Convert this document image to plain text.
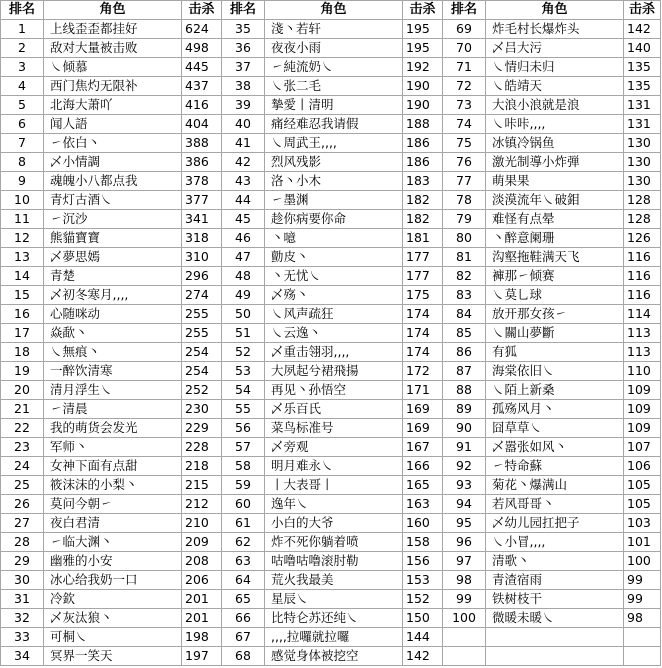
排名	角色	击杀	排名	角色	击杀	排名	角色	击杀
1	上线歪歪都挂好	624	35	淺丶若轩	195	69	炸毛村长爆炸头	142
2	敌对大量被击败	498	36	夜夜小雨	195	70	乄吕大污	140
3	㇏倾慕	445	37	㇀純流奶㇏	192	71	㇏情归未归	135
4	西门焦灼无限补	437	38	㇏张二毛	190	72	㇏皓靖天	135
5	北海大萧吖	416	39	摯愛丨清明	190	73	大浪小浪就是浪	131
6	闻人語	404	40	痛经难忍我请假	188	74	㇏咔咔,,,,	131
7	㇀依白丶	388	41	㇏周武王,,,,	186	75	冰镇冷锅鱼	130
8	乄小情調	386	42	烈风残影	186	76	激光制導小炸弾	130
9	魂魄小八都点我	378	43	洛丶小木	183	77	萌果果	130
10	青灯古酒㇏	377	44	㇀墨渊	182	78	淡漠流年㇏破鉬	128
11	㇀沉沙	341	45	趁你病要你命	182	79	难怪有点晕	128
12	熊貓寶寶	318	46	丶噫	181	80	丶醉意阑珊	126
13	乄夢思嫣	310	47	勯皮丶	177	81	沟壑拖鞋满天飞	116
14	青楚	296	48	丶无忧㇏	177	82	褲那㇀倾赛	116
15	乄初冬寒月,,,,	274	49	乄殇丶	175	83	㇏莫乚球	116
16	心随咪动	255	50	㇏风声疏狂	174	84	放开那女孩㇀	114
17	焱歃丶	255	51	㇏云逸丶	174	85	㇏關山夢斷	113
18	㇏無痕丶	254	52	乄重击翎羽,,,,	174	86	有狐	113
19	一醉饮清寒	254	53	大夙起兮裙飛揚	172	87	海棠依旧㇏	110
20	清月浮生㇏	252	54	再见丶孙悟空	171	88	㇏陌上新桑	109
21	㇀清晨	230	55	乄乐百氏	169	89	孤殇风月丶	109
22	我的萌货会发光	229	56	菜鸟标准号	169	90	囧草草㇏	109
23	军师丶	228	57	乄旁观	167	91	乄嚣张如风丶	107
24	女神下面有点甜	218	58	明月难永㇏	166	92	㇀特命蘇	106
25	筱沫沫的小梨丶	215	59	丨大表哥丨	165	93	菊花丶爆满山	105
26	莫问今朝㇀	212	60	逸年㇏	163	94	若风哥哥丶	105
27	夜白君清	210	61	小白的大爷	160	95	乄幼儿园扛把子	103
28	㇀临大渊丶	209	62	炸不死你躺着喷	158	96	㇏小冒,,,,	101
29	幽雅的小安	208	63	咕噜咕噜滚肘勒	156	97	清歌丶	100
30	冰心给我奶一口	206	64	荒火我最美	153	98	青渣宿雨	99
31	冷欽	201	65	星辰㇏	152	99	铁树枝干	99
32	乄灰汰狼丶	201	66	比特仑苏还纯㇏	150	100	微暖未暖㇏	98
33	可桐㇏	198	67	,,,,拉囉就拉囉	144			
34	冥界一笑天	197	68	感觉身体被挖空	142			
